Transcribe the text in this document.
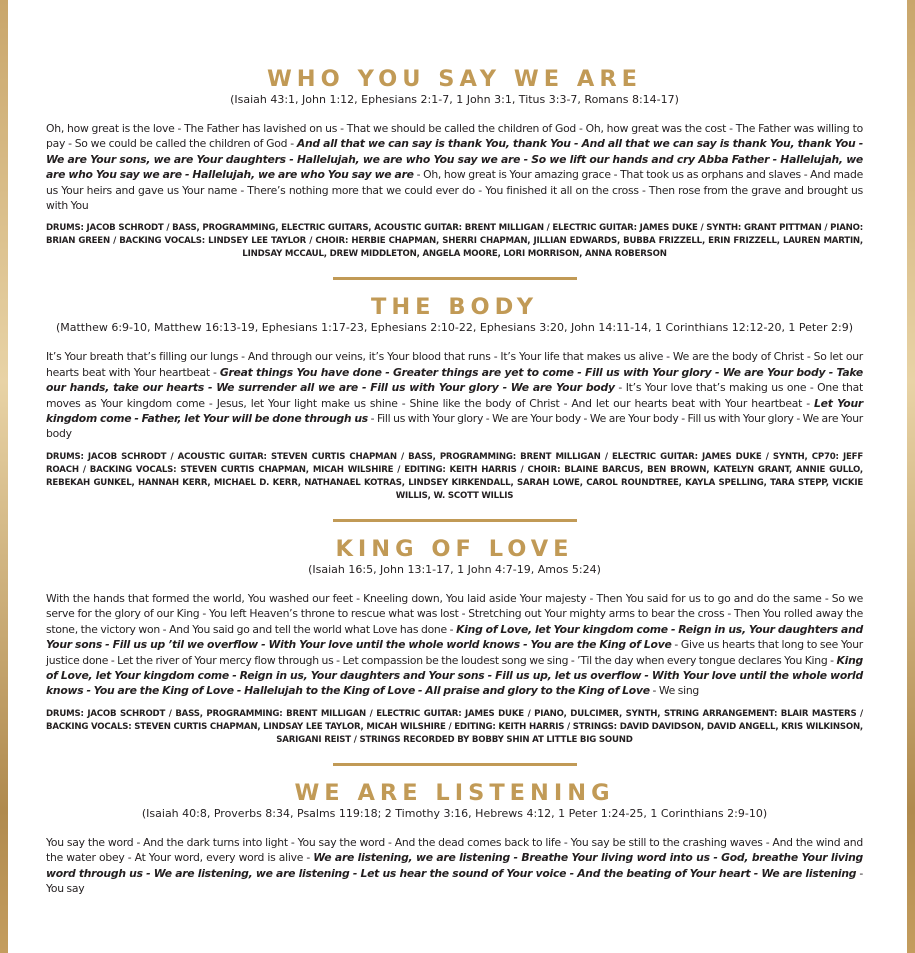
WHO YOU SAY WE ARE

(Isaiah 43:1, John 1:12, Ephesians 2:1-7, 1 John 3:1, Titus 3:3-7, Romans 8:14-17)

Oh, how great is the love - The Father has lavished on us - That we should be called the children of God - Oh, how great was the cost - The Father was willing to pay - So we could be called the children of God - And all that we can say is thank You, thank You - And all that we can say is thank You, thank You - We are Your sons, we are Your daughters - Hallelujah, we are who You say we are - So we lift our hands and cry Abba Father - Hallelujah, we are who You say we are - Hallelujah, we are who You say we are - Oh, how great is Your amazing grace - That took us as orphans and slaves - And made us Your heirs and gave us Your name - There’s nothing more that we could ever do - You finished it all on the cross - Then rose from the grave and brought us with You

DRUMS: JACOB SCHRODT / BASS, PROGRAMMING, ELECTRIC GUITARS, ACOUSTIC GUITAR: BRENT MILLIGAN / ELECTRIC GUITAR: JAMES DUKE / SYNTH: GRANT PITTMAN / PIANO: BRIAN GREEN / BACKING VOCALS: LINDSEY LEE TAYLOR / CHOIR: HERBIE CHAPMAN, SHERRI CHAPMAN, JILLIAN EDWARDS, BUBBA FRIZZELL, ERIN FRIZZELL, LAUREN MARTIN, LINDSAY MCCAUL, DREW MIDDLETON, ANGELA MOORE, LORI MORRISON, ANNA ROBERSON

THE BODY

(Matthew 6:9-10, Matthew 16:13-19, Ephesians 1:17-23, Ephesians 2:10-22, Ephesians 3:20, John 14:11-14, 1 Corinthians 12:12-20, 1 Peter 2:9)

It’s Your breath that’s filling our lungs - And through our veins, it’s Your blood that runs - It’s Your life that makes us alive - We are the body of Christ - So let our hearts beat with Your heartbeat - Great things You have done - Greater things are yet to come - Fill us with Your glory - We are Your body - Take our hands, take our hearts - We surrender all we are - Fill us with Your glory - We are Your body - It’s Your love that’s making us one - One that moves as Your kingdom come - Jesus, let Your light make us shine - Shine like the body of Christ - And let our hearts beat with Your heartbeat - Let Your kingdom come - Father, let Your will be done through us - Fill us with Your glory - We are Your body - We are Your body - Fill us with Your glory - We are Your body

DRUMS: JACOB SCHRODT / ACOUSTIC GUITAR: STEVEN CURTIS CHAPMAN / BASS, PROGRAMMING: BRENT MILLIGAN / ELECTRIC GUITAR: JAMES DUKE / SYNTH, CP70: JEFF ROACH / BACKING VOCALS: STEVEN CURTIS CHAPMAN, MICAH WILSHIRE / EDITING: KEITH HARRIS / CHOIR: BLAINE BARCUS, BEN BROWN, KATELYN GRANT, ANNIE GULLO, REBEKAH GUNKEL, HANNAH KERR, MICHAEL D. KERR, NATHANAEL KOTRAS, LINDSEY KIRKENDALL, SARAH LOWE, CAROL ROUNDTREE, KAYLA SPELLING, TARA STEPP, VICKIE WILLIS, W. SCOTT WILLIS

KING OF LOVE

(Isaiah 16:5, John 13:1-17, 1 John 4:7-19, Amos 5:24)

With the hands that formed the world, You washed our feet - Kneeling down, You laid aside Your majesty - Then You said for us to go and do the same - So we serve for the glory of our King - You left Heaven’s throne to rescue what was lost - Stretching out Your mighty arms to bear the cross - Then You rolled away the stone, the victory won - And You said go and tell the world what Love has done - King of Love, let Your kingdom come - Reign in us, Your daughters and Your sons - Fill us up ’til we overflow - With Your love until the whole world knows - You are the King of Love - Give us hearts that long to see Your justice done - Let the river of Your mercy flow through us - Let compassion be the loudest song we sing - ’Til the day when every tongue declares You King - King of Love, let Your kingdom come - Reign in us, Your daughters and Your sons - Fill us up, let us overflow - With Your love until the whole world knows - You are the King of Love - Hallelujah to the King of Love - All praise and glory to the King of Love - We sing

DRUMS: JACOB SCHRODT / BASS, PROGRAMMING: BRENT MILLIGAN / ELECTRIC GUITAR: JAMES DUKE / PIANO, DULCIMER, SYNTH, STRING ARRANGEMENT: BLAIR MASTERS / BACKING VOCALS: STEVEN CURTIS CHAPMAN, LINDSAY LEE TAYLOR, MICAH WILSHIRE / EDITING: KEITH HARRIS / STRINGS: DAVID DAVIDSON, DAVID ANGELL, KRIS WILKINSON, SARIGANI REIST / STRINGS RECORDED BY BOBBY SHIN AT LITTLE BIG SOUND

WE ARE LISTENING

(Isaiah 40:8, Proverbs 8:34, Psalms 119:18; 2 Timothy 3:16, Hebrews 4:12, 1 Peter 1:24-25, 1 Corinthians 2:9-10)

You say the word - And the dark turns into light - You say the word - And the dead comes back to life - You say be still to the crashing waves - And the wind and the water obey - At Your word, every word is alive - We are listening, we are listening - Breathe Your living word into us - God, breathe Your living word through us - We are listening, we are listening - Let us hear the sound of Your voice - And the beating of Your heart - We are listening - You say
